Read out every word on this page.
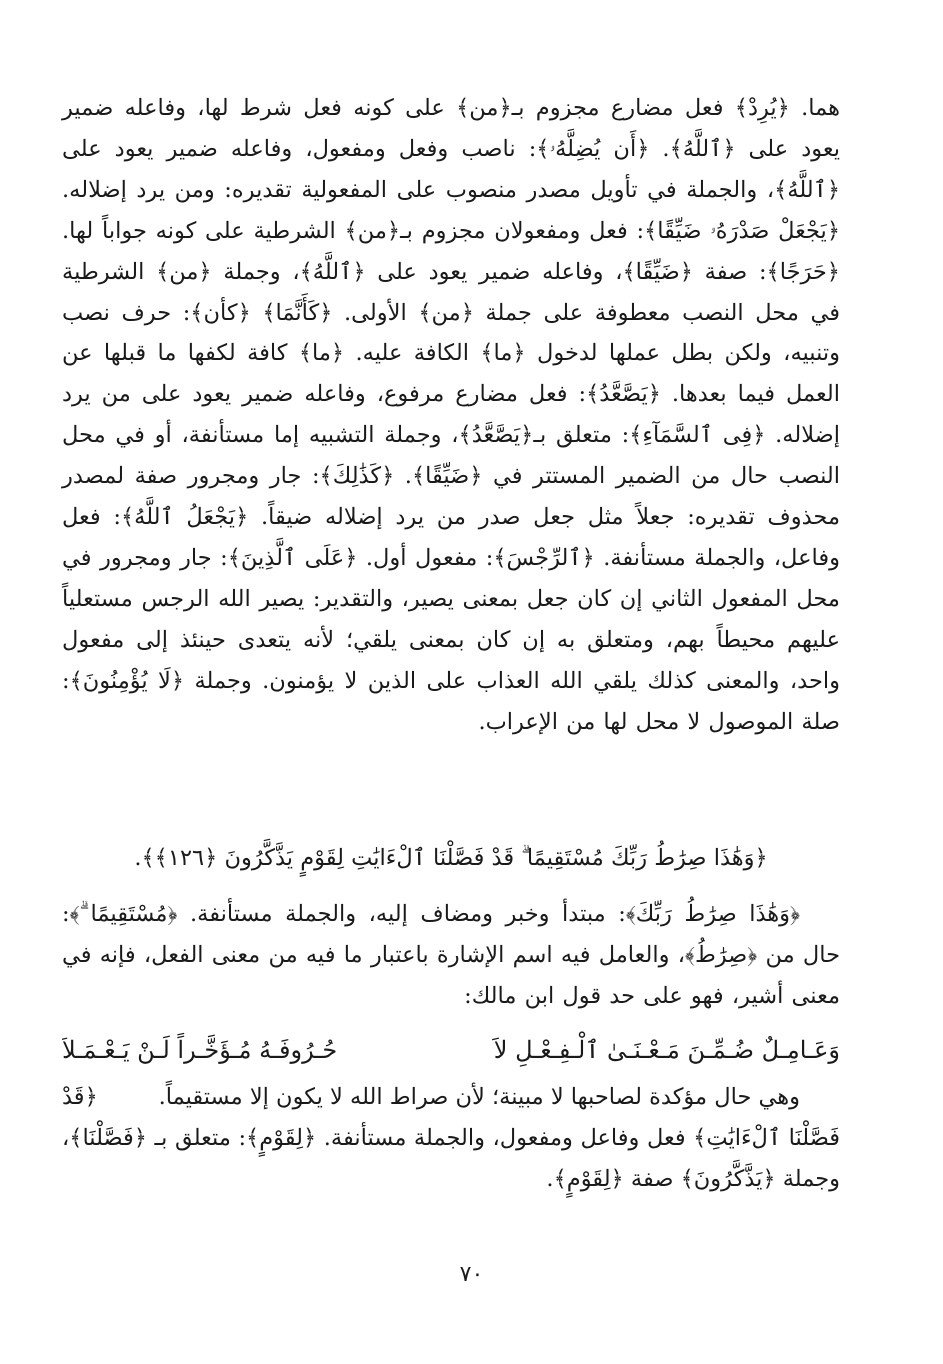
هما. ﴿يُرِدْ﴾ فعل مضارع مجزوم بـ﴿من﴾ على كونه فعل شرط لها، وفاعله ضمير يعود على ﴿ٱللَّهُ﴾. ﴿أَن يُضِلَّهُۥ﴾: ناصب وفعل ومفعول، وفاعله ضمير يعود على ﴿ٱللَّهُ﴾، والجملة في تأويل مصدر منصوب على المفعولية تقديره: ومن يرد إضلاله. ﴿يَجْعَلْ صَدْرَهُۥ ضَيِّقًا﴾: فعل ومفعولان مجزوم بـ﴿من﴾ الشرطية على كونه جواباً لها. ﴿حَرَجًا﴾: صفة ﴿ضَيِّقًا﴾، وفاعله ضمير يعود على ﴿ٱللَّهُ﴾، وجملة ﴿من﴾ الشرطية في محل النصب معطوفة على جملة ﴿من﴾ الأولى. ﴿كَأَنَّمَا﴾ ﴿كأن﴾: حرف نصب وتنبيه، ولكن بطل عملها لدخول ﴿ما﴾ الكافة عليه. ﴿ما﴾ كافة لكفها ما قبلها عن العمل فيما بعدها. ﴿يَصَّعَّدُ﴾: فعل مضارع مرفوع، وفاعله ضمير يعود على من يرد إضلاله. ﴿فِى ٱلسَّمَآءِ﴾: متعلق بـ﴿يَصَّعَّدُ﴾، وجملة التشبيه إما مستأنفة، أو في محل النصب حال من الضمير المستتر في ﴿ضَيِّقًا﴾. ﴿كَذَٰلِكَ﴾: جار ومجرور صفة لمصدر محذوف تقديره: جعلاً مثل جعل صدر من يرد إضلاله ضيقاً. ﴿يَجْعَلُ ٱللَّهُ﴾: فعل وفاعل، والجملة مستأنفة. ﴿ٱلرِّجْسَ﴾: مفعول أول. ﴿عَلَى ٱلَّذِينَ﴾: جار ومجرور في محل المفعول الثاني إن كان جعل بمعنى يصير، والتقدير: يصير الله الرجس مستعلياً عليهم محيطاً بهم، ومتعلق به إن كان بمعنى يلقي؛ لأنه يتعدى حينئذ إلى مفعول واحد، والمعنى كذلك يلقي الله العذاب على الذين لا يؤمنون. وجملة ﴿لَا يُؤْمِنُونَ﴾: صلة الموصول لا محل لها من الإعراب.

﴿وَهَٰذَا صِرَٰطُ رَبِّكَ مُسْتَقِيمًا ۗ قَدْ فَصَّلْنَا ٱلْءَايَٰتِ لِقَوْمٍ يَذَّكَّرُونَ ﴿١٢٦﴾﴾.

﴿وَهَٰذَا صِرَٰطُ رَبِّكَ﴾: مبتدأ وخبر ومضاف إليه، والجملة مستأنفة. ﴿مُسْتَقِيمًا ۗ﴾: حال من ﴿صِرَٰطُ﴾، والعامل فيه اسم الإشارة باعتبار ما فيه من معنى الفعل، فإنه في معنى أشير، فهو على حد قول ابن مالك:

وَعَـامِـلٌ ضُـمِّـنَ مَـعْـنَـىٰ ٱلْـفِـعْـلِ لاَ
حُـرُوفَـهُ مُـؤَخَّـراً لَـنْ يَـعْـمَـلاَ

وهي حال مؤكدة لصاحبها لا مبينة؛ لأن صراط الله لا يكون إلا مستقيماً. ﴿قَدْ فَصَّلْنَا ٱلْءَايَٰتِ﴾ فعل وفاعل ومفعول، والجملة مستأنفة. ﴿لِقَوْمٍ﴾: متعلق بـ ﴿فَصَّلْنَا﴾، وجملة ﴿يَذَّكَّرُونَ﴾ صفة ﴿لِقَوْمٍ﴾.

٧٠
